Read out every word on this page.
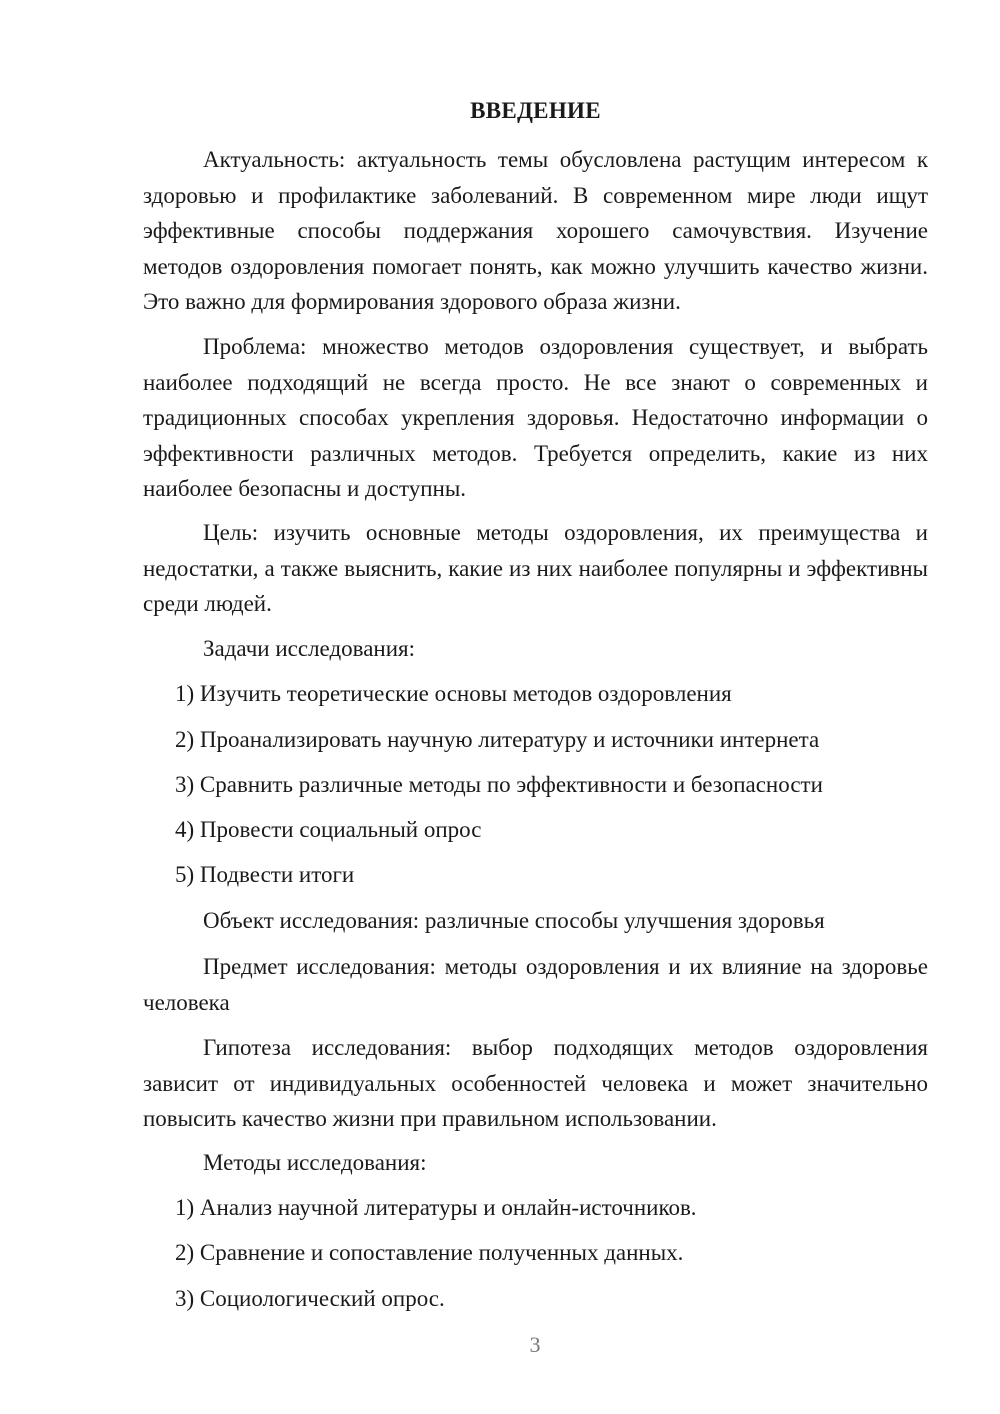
ВВЕДЕНИЕ

Актуальность: актуальность темы обусловлена растущим интересом к здоровью и профилактике заболеваний. В современном мире люди ищут эффективные способы поддержания хорошего самочувствия. Изучение методов оздоровления помогает понять, как можно улучшить качество жизни. Это важно для формирования здорового образа жизни.

Проблема: множество методов оздоровления существует, и выбрать наиболее подходящий не всегда просто. Не все знают о современных и традиционных способах укрепления здоровья. Недостаточно информации о эффективности различных методов. Требуется определить, какие из них наиболее безопасны и доступны.

Цель: изучить основные методы оздоровления, их преимущества и недостатки, а также выяснить, какие из них наиболее популярны и эффективны среди людей.

Задачи исследования:
1) Изучить теоретические основы методов оздоровления
2) Проанализировать научную литературу и источники интернета
3) Сравнить различные методы по эффективности и безопасности
4) Провести социальный опрос
5) Подвести итоги
Объект исследования: различные способы улучшения здоровья

Предмет исследования: методы оздоровления и их влияние на здоровье человека

Гипотеза исследования: выбор подходящих методов оздоровления зависит от индивидуальных особенностей человека и может значительно повысить качество жизни при правильном использовании.

Методы исследования:
1) Анализ научной литературы и онлайн-источников.
2) Сравнение и сопоставление полученных данных.
3) Социологический опрос.
3
